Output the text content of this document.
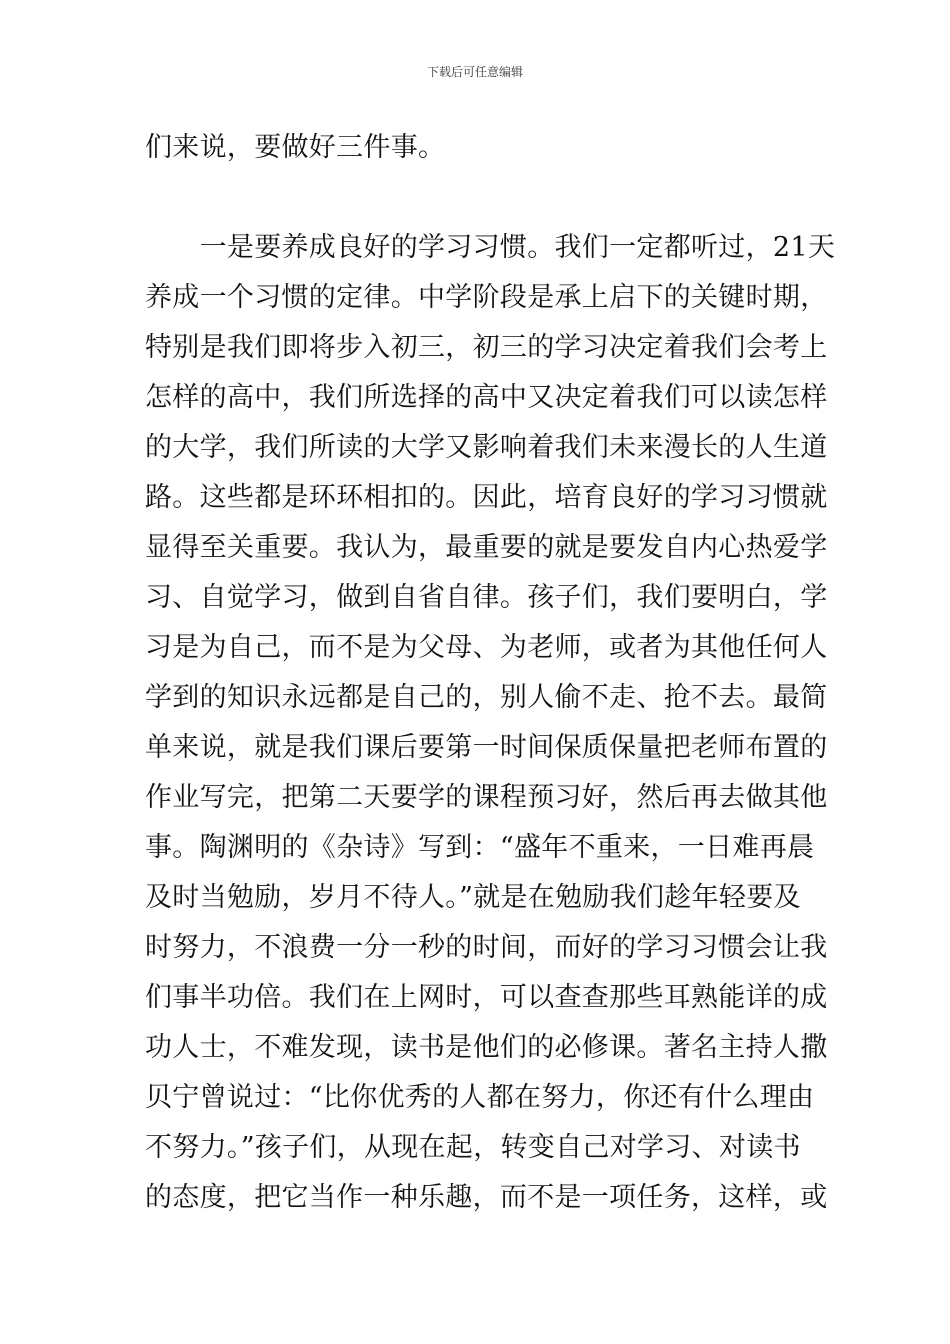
下载后可任意编辑
们来说，要做好三件事。
　　一是要养成良好的学习习惯。我们一定都听过，21天
养成一个习惯的定律。中学阶段是承上启下的关键时期，
特别是我们即将步入初三，初三的学习决定着我们会考上
怎样的高中，我们所选择的高中又决定着我们可以读怎样
的大学，我们所读的大学又影响着我们未来漫长的人生道
路。这些都是环环相扣的。因此，培育良好的学习习惯就
显得至关重要。我认为，最重要的就是要发自内心热爱学
习、自觉学习，做到自省自律。孩子们，我们要明白，学
习是为自己，而不是为父母、为老师，或者为其他任何人
学到的知识永远都是自己的，别人偷不走、抢不去。最简
单来说，就是我们课后要第一时间保质保量把老师布置的
作业写完，把第二天要学的课程预习好，然后再去做其他
事。陶渊明的《杂诗》写到：“盛年不重来，一日难再晨
及时当勉励，岁月不待人。”就是在勉励我们趁年轻要及
时努力，不浪费一分一秒的时间，而好的学习习惯会让我
们事半功倍。我们在上网时，可以查查那些耳熟能详的成
功人士，不难发现，读书是他们的必修课。著名主持人撒
贝宁曾说过：“比你优秀的人都在努力，你还有什么理由
不努力。”孩子们，从现在起，转变自己对学习、对读书
的态度，把它当作一种乐趣，而不是一项任务，这样，或
